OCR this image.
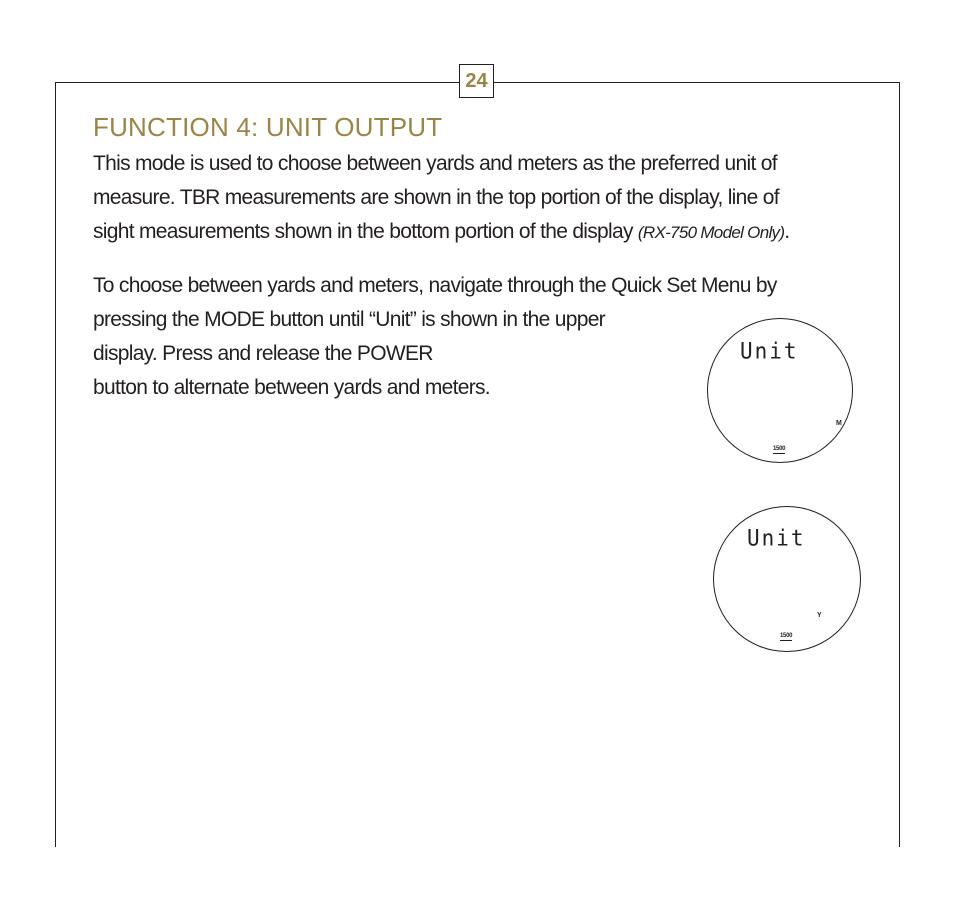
24
FUNCTION 4: UNIT OUTPUT

This mode is used to choose between yards and meters as the preferred unit of
measure. TBR measurements are shown in the top portion of the display, line of
sight measurements shown in the bottom portion of the display (RX-750 Model Only).

To choose between yards and meters, navigate through the Quick Set Menu by
pressing the MODE button until “Unit” is shown in the upper
display. Press and release the POWER
button to alternate between yards and meters.

Unit
M
1500
Unit
Y
1500
